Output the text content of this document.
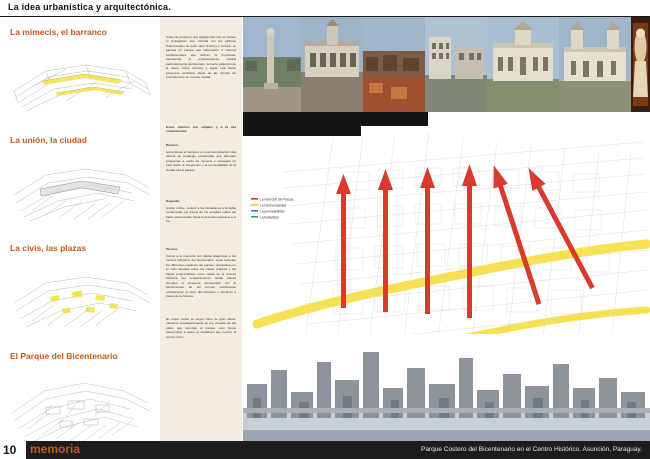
La idea urbanística y arquitectónica.
La mimecis, el barranco
La unión, la ciudad
La civis, las plazas
El Parque del Bicentenario
Antes de proponer una arquitectura con un museo ni protagónico que compita con los edificios Patrimoniales de tanto valor histórico y cultural, se plantea un parque que sistematice 3 criterios fundamentales que definen la propuesta, atendiendo el emplazamiento natural particularmente accidentado, la fuerte atracción de la trama cívica céntrica y lograr una fuerte presencia simbólica digna de las formas de incertidumbre de nuestra ciudad.
Estos criterios son simples y a la vez contundentes:
Primero,
reinterpretar el barranco en una comunicación más directa de bandejas escalonada que albergan programas a modo de mimecis y conseguir en este borde la integración y la permeabilidad de la ciudad ella al parque
Segundo,
revitar, unirse, seducir a los ciudadanos a la bahía continuando los trazos de los actuales calles del barrio atravesando hasta la avenida costanera a el río.
Tercero,
honrar a la memoria con plazas alegóricas a los hechos históricos del bicentenario, estas articulan los diferentes espacios del parque, ubicándose en el nodo llamado estos las trazas urbanas y las capas programáticas como capas de la corteza histórica del emplazamiento. Estas plazas cumplen el esquema accidentado con el herramientas de las formas sucitándose ombaticando el cerro del barranco y narrando a través de la historia.
En estos nodos se erigen hitos de gran altura, ubicados estratégicamente en los visuales de las calles que penetran al parque, esto busca descumbrar a atraer al ciudadano que recorre el centro cívico.
La inserción del Parque
La transversalidad
La permeabilidad
La fluidalidad
10	memoria	Parque Costero del Bicentenario en el Centro Histórico. Asunción, Paraguay.
